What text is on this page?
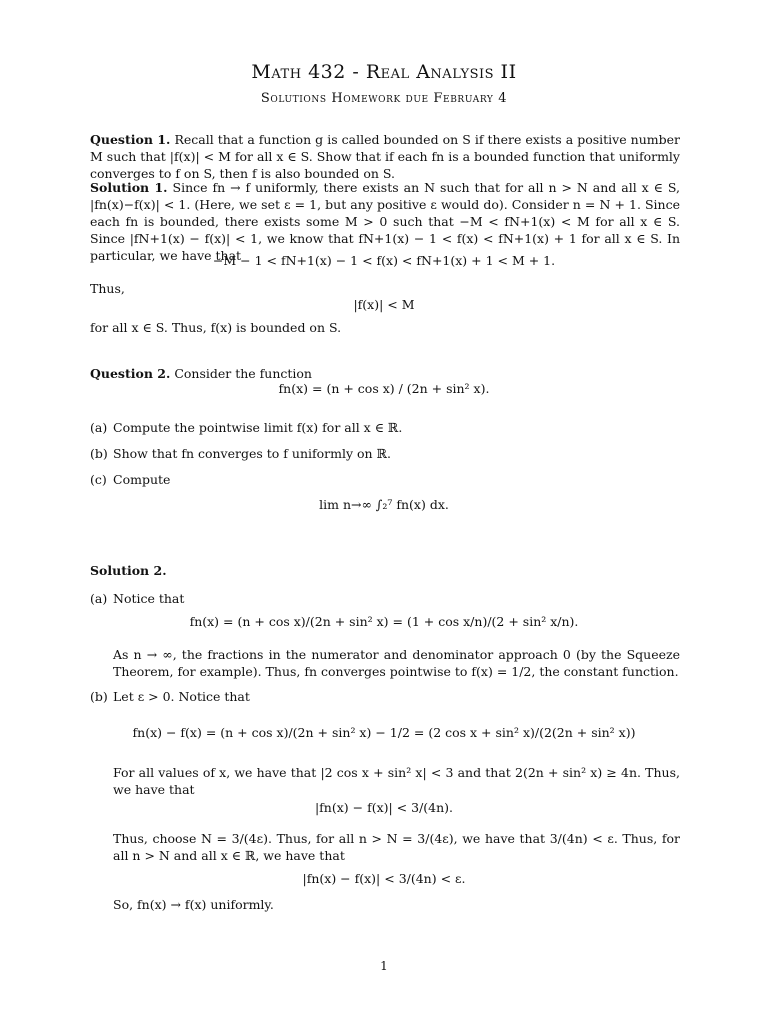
Math 432 - Real Analysis II
Solutions Homework due February 4

Question 1. Recall that a function g is called bounded on S if there exists a positive number M such that |f(x)| < M for all x ∈ S. Show that if each fn is a bounded function that uniformly converges to f on S, then f is also bounded on S.

Solution 1. Since fn → f uniformly, there exists an N such that for all n > N and all x ∈ S, |fn(x)−f(x)| < 1. (Here, we set ε = 1, but any positive ε would do). Consider n = N + 1. Since each fn is bounded, there exists some M > 0 such that −M < fN+1(x) < M for all x ∈ S. Since |fN+1(x) − f(x)| < 1, we know that fN+1(x) − 1 < f(x) < fN+1(x) + 1 for all x ∈ S. In particular, we have that

−M − 1 < fN+1(x) − 1 < f(x) < fN+1(x) + 1 < M + 1.
Thus,
|f(x)| < M
for all x ∈ S. Thus, f(x) is bounded on S.
Question 2. Consider the function
fn(x) = (n + cos x) / (2n + sin² x).
(a) Compute the pointwise limit f(x) for all x ∈ ℝ.
(b) Show that fn converges to f uniformly on ℝ.
(c) Compute
lim n→∞ ∫₂⁷ fn(x) dx.
Solution 2.
(a) Notice that
fn(x) = (n + cos x)/(2n + sin² x) = (1 + cos x/n)/(2 + sin² x/n).
As n → ∞, the fractions in the numerator and denominator approach 0 (by the Squeeze Theorem, for example). Thus, fn converges pointwise to f(x) = 1/2, the constant function.
(b) Let ε > 0. Notice that
fn(x) − f(x) = (n + cos x)/(2n + sin² x) − 1/2 = (2 cos x + sin² x)/(2(2n + sin² x))
For all values of x, we have that |2 cos x + sin² x| < 3 and that 2(2n + sin² x) ≥ 4n. Thus, we have that
|fn(x) − f(x)| < 3/(4n).
Thus, choose N = 3/(4ε). Thus, for all n > N = 3/(4ε), we have that 3/(4n) < ε. Thus, for all n > N and all x ∈ ℝ, we have that
|fn(x) − f(x)| < 3/(4n) < ε.
So, fn(x) → f(x) uniformly.
1
